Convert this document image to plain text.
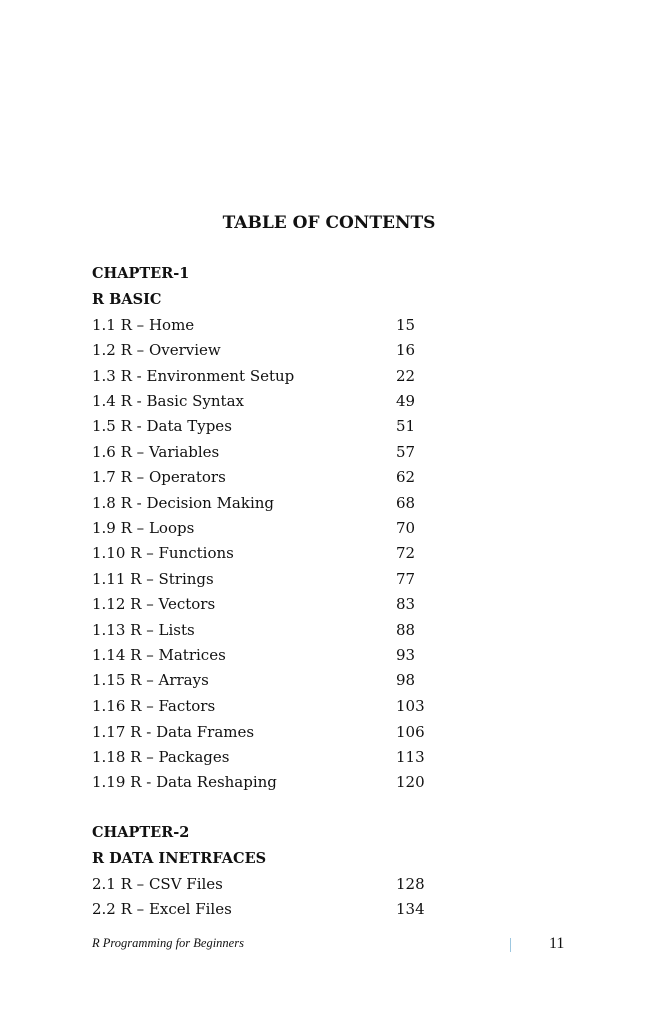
TABLE OF CONTENTS
CHAPTER-1
R BASIC
1.1 R – Home	15
1.2 R – Overview	16
1.3 R - Environment Setup	22
1.4 R - Basic Syntax	49
1.5 R - Data Types	51
1.6 R – Variables	57
1.7 R – Operators	62
1.8 R - Decision Making	68
1.9 R – Loops	70
1.10 R – Functions	72
1.11 R – Strings	77
1.12 R – Vectors	83
1.13 R – Lists	88
1.14 R – Matrices	93
1.15 R – Arrays	98
1.16 R – Factors	103
1.17 R - Data Frames	106
1.18 R – Packages	113
1.19 R - Data Reshaping	120
CHAPTER-2
R DATA INETRFACES
2.1 R – CSV Files	128
2.2 R – Excel Files	134
R Programming for Beginners	11
